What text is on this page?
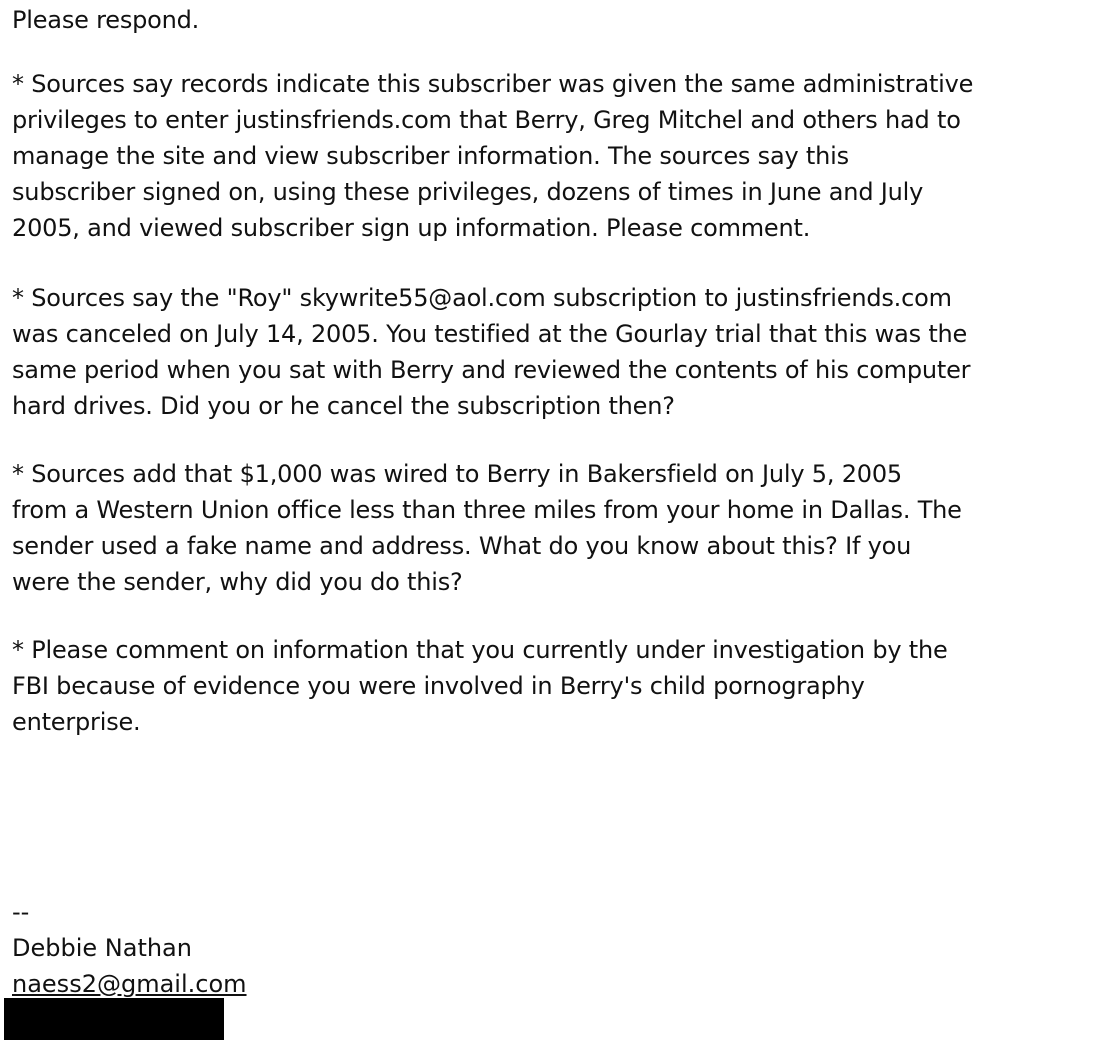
Please respond.
* Sources say records indicate this subscriber was given the same administrative
privileges to enter justinsfriends.com that Berry, Greg Mitchel and others had to
manage the site and view subscriber information. The sources say this
subscriber signed on, using these privileges, dozens of times in June and July
2005, and viewed subscriber sign up information. Please comment.
* Sources say the "Roy" skywrite55@aol.com subscription to justinsfriends.com
was canceled on July 14, 2005. You testified at the Gourlay trial that this was the
same period when you sat with Berry and reviewed the contents of his computer
hard drives. Did you or he cancel the subscription then?
* Sources add that $1,000 was wired to Berry in Bakersfield on July 5, 2005
from a Western Union office less than three miles from your home in Dallas. The
sender used a fake name and address. What do you know about this? If you
were the sender, why did you do this?
* Please comment on information that you currently under investigation by the
FBI because of evidence you were involved in Berry's child pornography
enterprise.
--
Debbie Nathan
naess2@gmail.com
